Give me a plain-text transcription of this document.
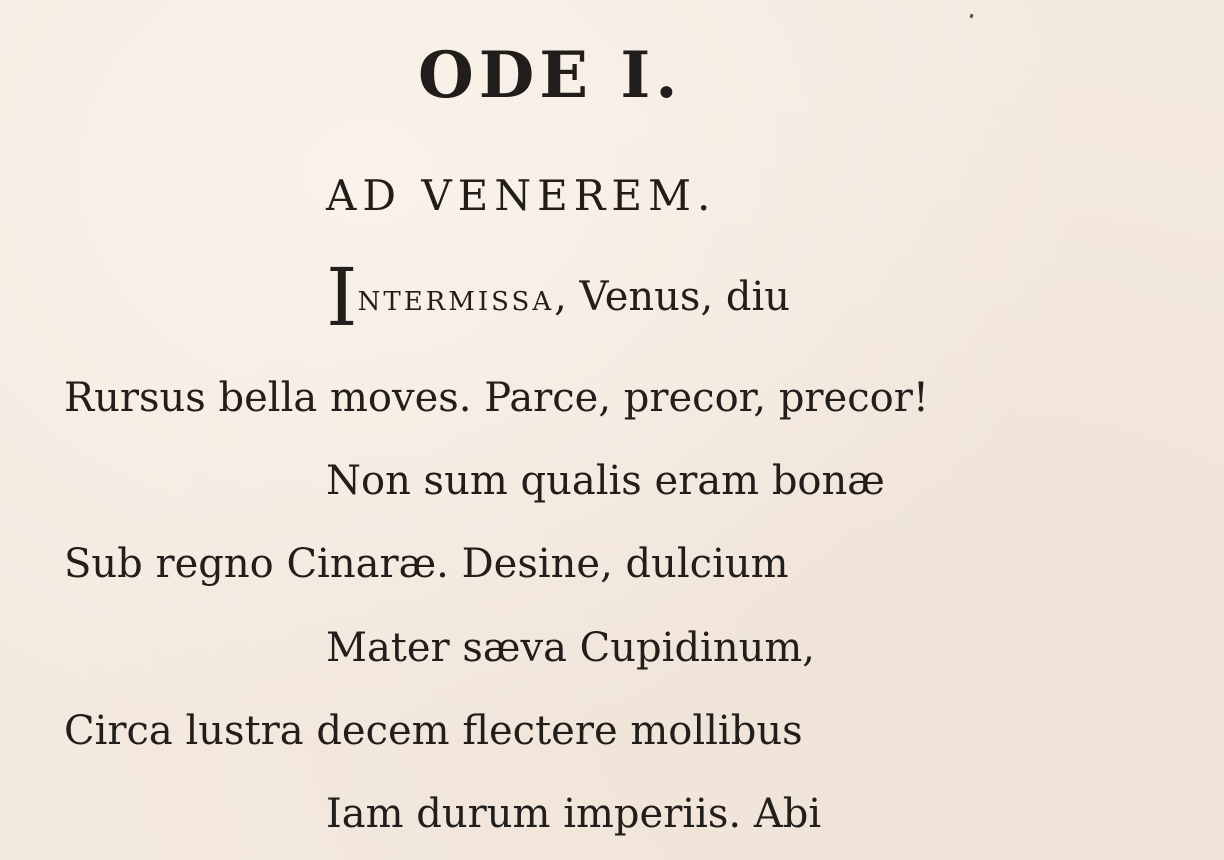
ODE I.
AD VENEREM.
INTERMISSA, Venus, diu
Rursus bella moves. Parce, precor, precor!
Non sum qualis eram bonæ
Sub regno Cinaræ. Desine, dulcium
Mater sæva Cupidinum,
Circa lustra decem flectere mollibus
Iam durum imperiis. Abi
